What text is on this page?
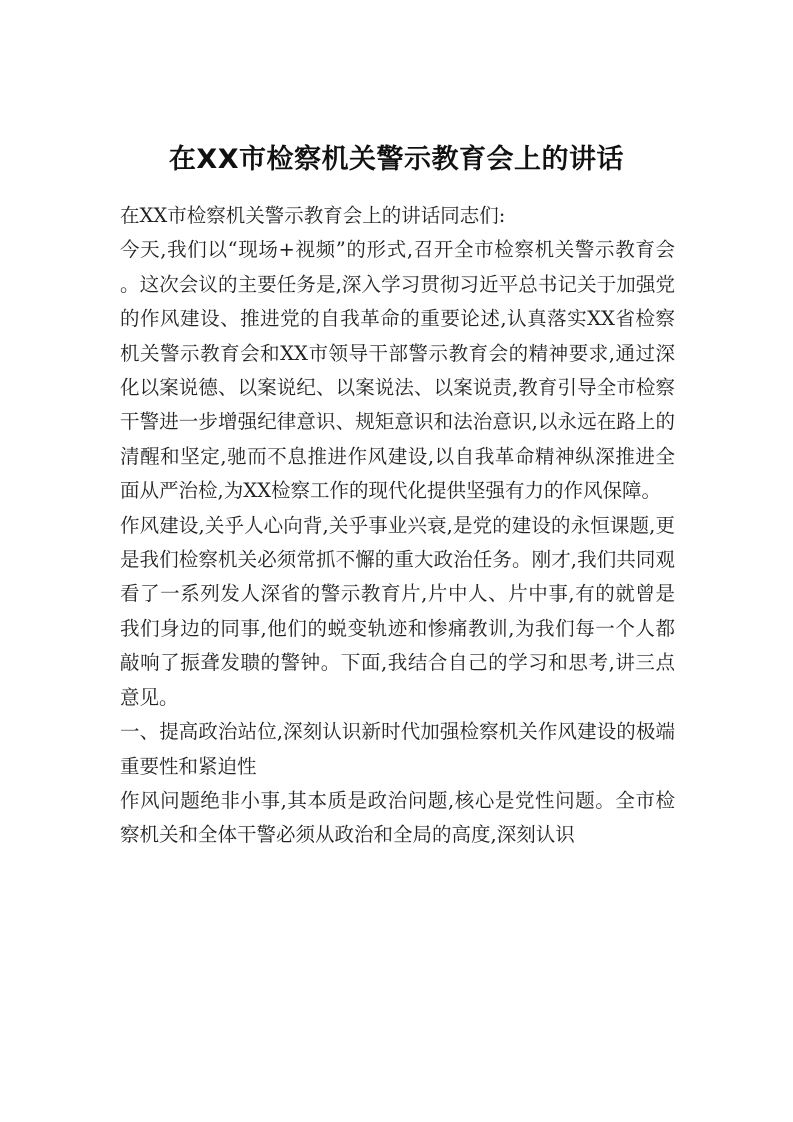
在XX市检察机关警示教育会上的讲话

在XX市检察机关警示教育会上的讲话同志们:

今天,我们以“现场+视频”的形式,召开全市检察机关警示教育会。这次会议的主要任务是,深入学习贯彻习近平总书记关于加强党的作风建设、推进党的自我革命的重要论述,认真落实XX省检察机关警示教育会和XX市领导干部警示教育会的精神要求,通过深化以案说德、以案说纪、以案说法、以案说责,教育引导全市检察干警进一步增强纪律意识、规矩意识和法治意识,以永远在路上的清醒和坚定,驰而不息推进作风建设,以自我革命精神纵深推进全面从严治检,为XX检察工作的现代化提供坚强有力的作风保障。

作风建设,关乎人心向背,关乎事业兴衰,是党的建设的永恒课题,更是我们检察机关必须常抓不懈的重大政治任务。刚才,我们共同观看了一系列发人深省的警示教育片,片中人、片中事,有的就曾是我们身边的同事,他们的蜕变轨迹和惨痛教训,为我们每一个人都敲响了振聋发聩的警钟。下面,我结合自己的学习和思考,讲三点意见。

一、提高政治站位,深刻认识新时代加强检察机关作风建设的极端重要性和紧迫性

作风问题绝非小事,其本质是政治问题,核心是党性问题。全市检察机关和全体干警必须从政治和全局的高度,深刻认识
